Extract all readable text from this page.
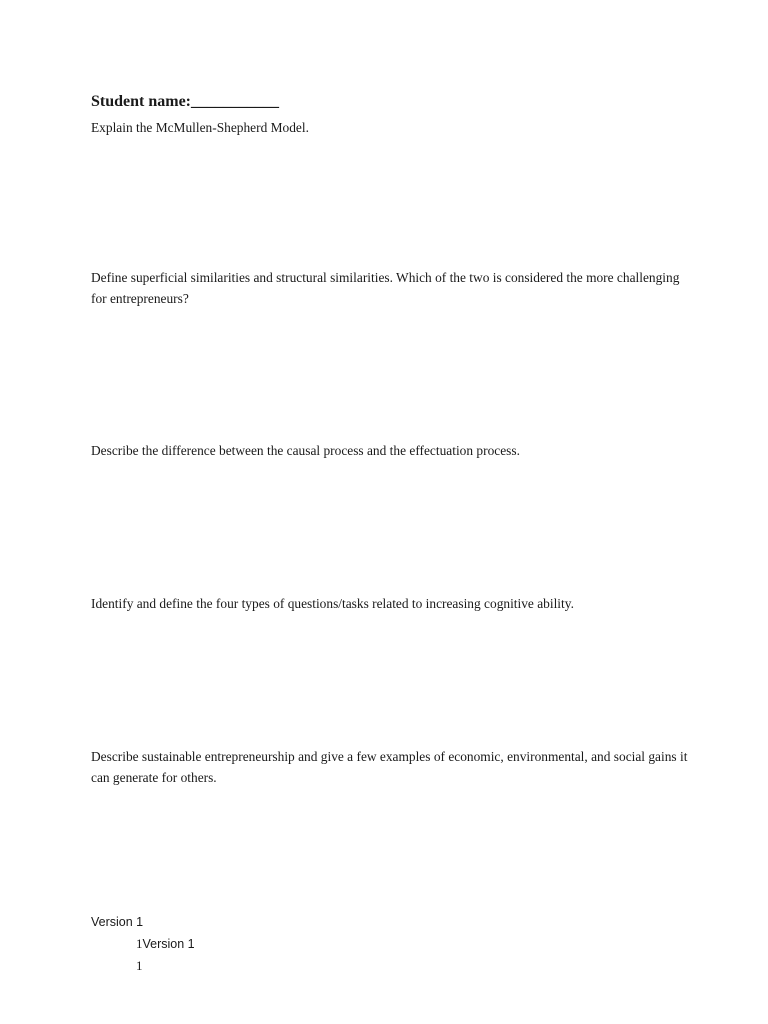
Student name:___________
Explain the McMullen-Shepherd Model.
Define superficial similarities and structural similarities. Which of the two is considered the more challenging for entrepreneurs?
Describe the difference between the causal process and the effectuation process.
Identify and define the four types of questions/tasks related to increasing cognitive ability.
Describe sustainable entrepreneurship and give a few examples of economic, environmental, and social gains it can generate for others.
Version 1
1Version 1
1
